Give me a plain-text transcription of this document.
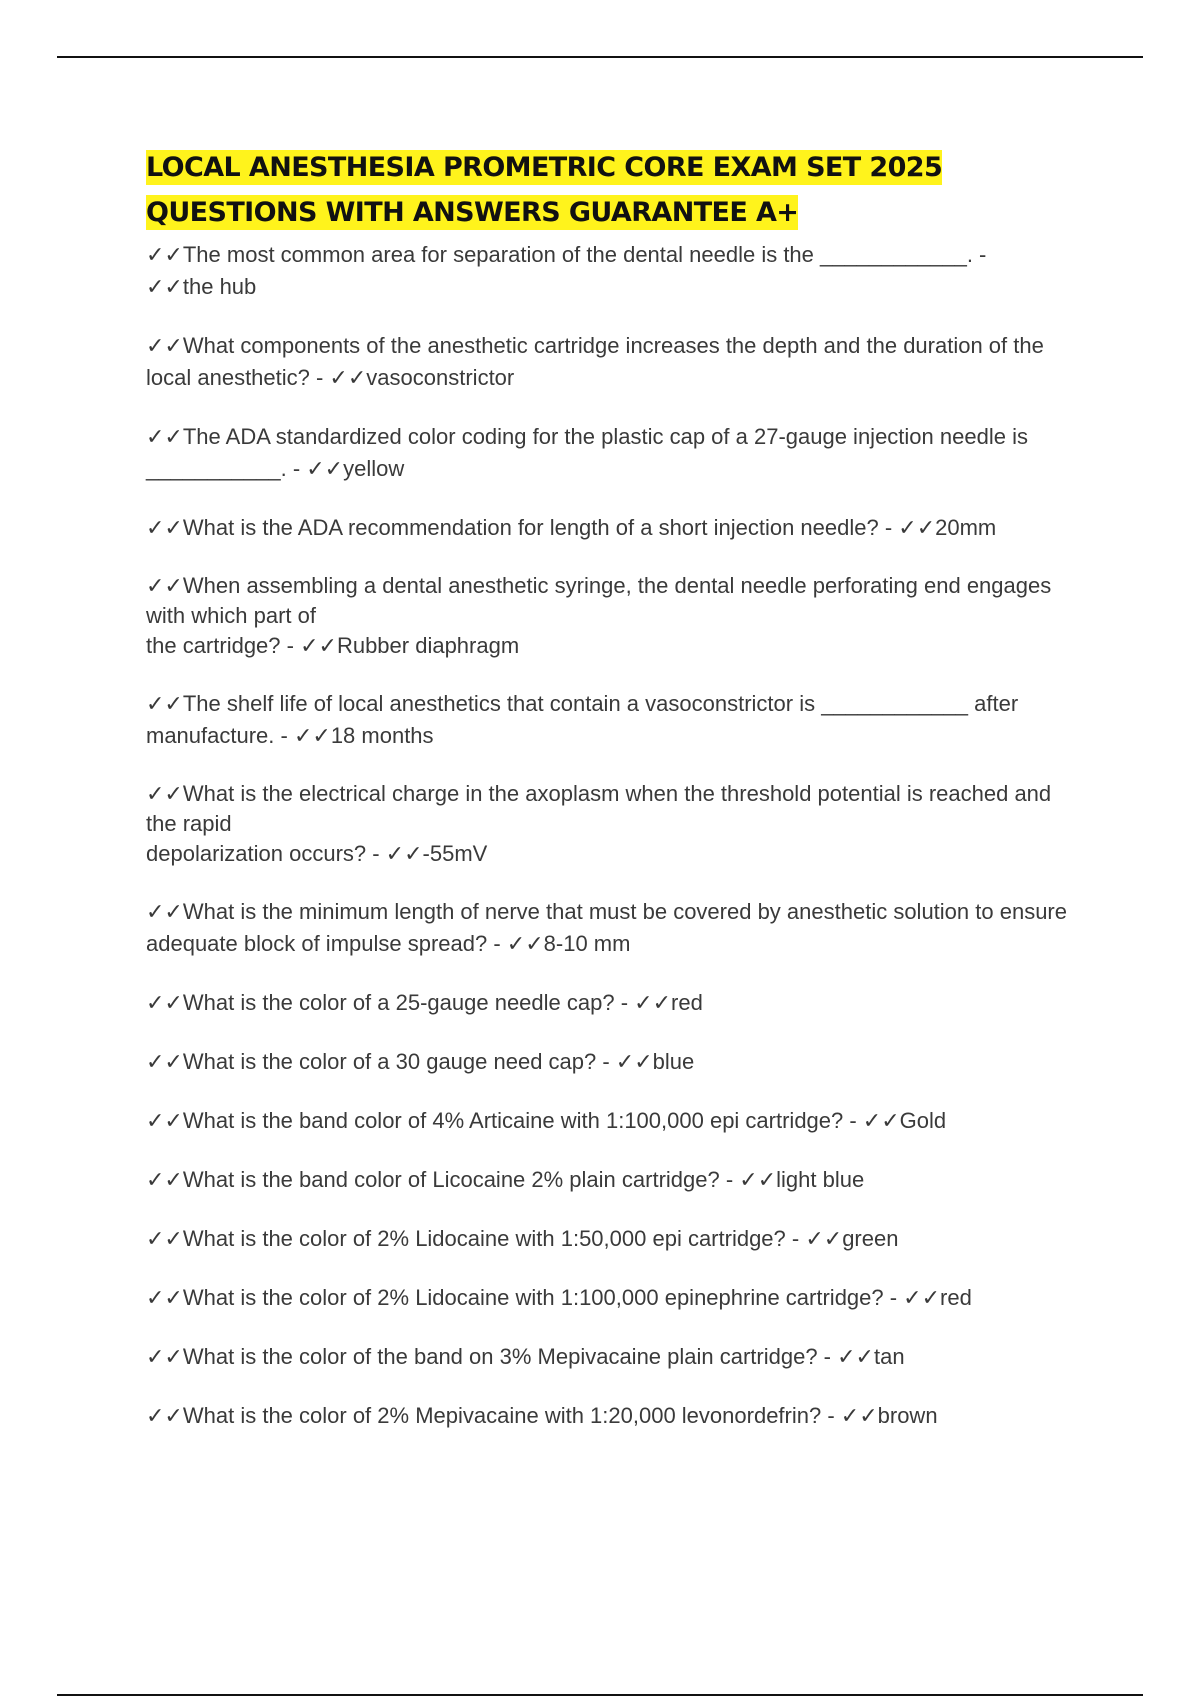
LOCAL ANESTHESIA PROMETRIC CORE EXAM SET 2025 QUESTIONS WITH ANSWERS GUARANTEE A+

✓✓The most common area for separation of the dental needle is the ____________. -
✓✓the hub

✓✓What components of the anesthetic cartridge increases the depth and the duration of the local anesthetic? - ✓✓vasoconstrictor

✓✓The ADA standardized color coding for the plastic cap of a 27-gauge injection needle is ___________. - ✓✓yellow

✓✓What is the ADA recommendation for length of a short injection needle? - ✓✓20mm

✓✓When assembling a dental anesthetic syringe, the dental needle perforating end engages with which part of
the cartridge? - ✓✓Rubber diaphragm

✓✓The shelf life of local anesthetics that contain a vasoconstrictor is ____________ after manufacture. - ✓✓18 months

✓✓What is the electrical charge in the axoplasm when the threshold potential is reached and the rapid
depolarization occurs? - ✓✓-55mV

✓✓What is the minimum length of nerve that must be covered by anesthetic solution to ensure adequate block of impulse spread? - ✓✓8-10 mm

✓✓What is the color of a 25-gauge needle cap? - ✓✓red

✓✓What is the color of a 30 gauge need cap? - ✓✓blue

✓✓What is the band color of 4% Articaine with 1:100,000 epi cartridge? - ✓✓Gold

✓✓What is the band color of Licocaine 2% plain cartridge? - ✓✓light blue

✓✓What is the color of 2% Lidocaine with 1:50,000 epi cartridge? - ✓✓green

✓✓What is the color of 2% Lidocaine with 1:100,000 epinephrine cartridge? - ✓✓red

✓✓What is the color of the band on 3% Mepivacaine plain cartridge? - ✓✓tan

✓✓What is the color of 2% Mepivacaine with 1:20,000 levonordefrin? - ✓✓brown
